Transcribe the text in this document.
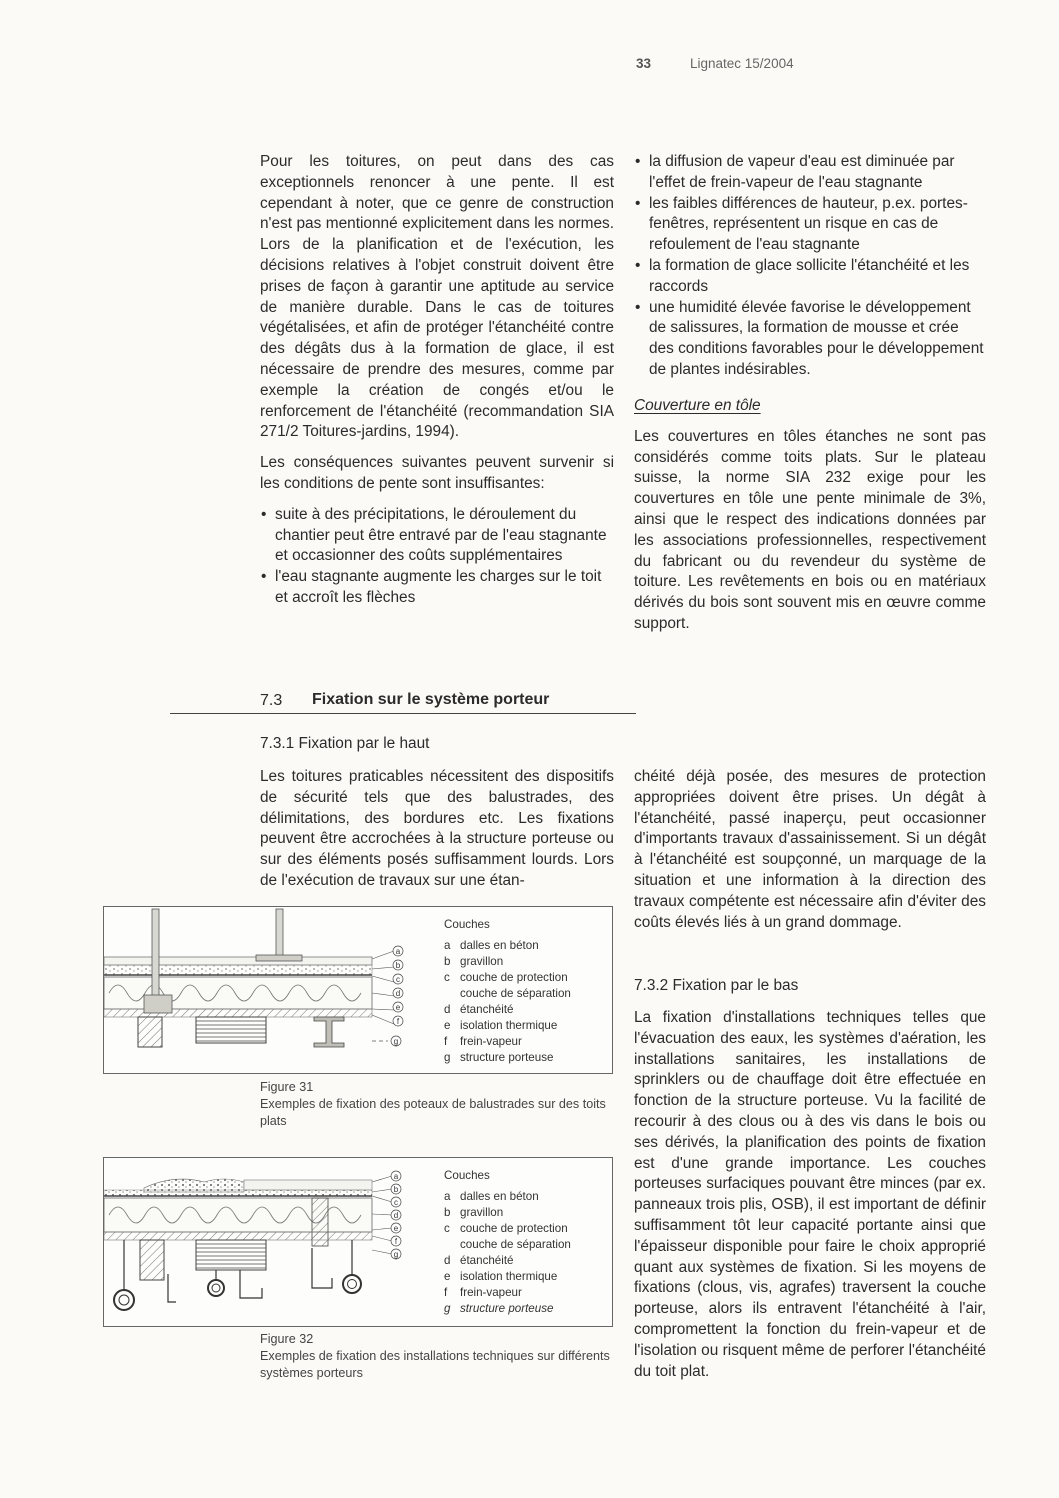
33	Lignatec 15/2004

Pour les toitures, on peut dans des cas exceptionnels renoncer à une pente. Il est cependant à noter, que ce genre de construction n'est pas mentionné explicitement dans les normes. Lors de la planification et de l'exécution, les décisions relatives à l'objet construit doivent être prises de façon à garantir une aptitude au service de manière durable. Dans le cas de toitures végétalisées, et afin de protéger l'étanchéité contre des dégâts dus à la formation de glace, il est nécessaire de prendre des mesures, comme par exemple la création de congés et/ou le renforcement de l'étanchéité (recommandation SIA 271/2 Toitures-jardins, 1994).

Les conséquences suivantes peuvent survenir si les conditions de pente sont insuffisantes:

• suite à des précipitations, le déroulement du chantier peut être entravé par de l'eau stagnante et occasionner des coûts supplémentaires
• l'eau stagnante augmente les charges sur le toit et accroît les flèches
• la diffusion de vapeur d'eau est diminuée par l'effet de frein-vapeur de l'eau stagnante
• les faibles différences de hauteur, p.ex. portes-fenêtres, représentent un risque en cas de refoulement de l'eau stagnante
• la formation de glace sollicite l'étanchéité et les raccords
• une humidité élevée favorise le développement de salissures, la formation de mousse et crée des conditions favorables pour le développement de plantes indésirables.
Couverture en tôle

Les couvertures en tôles étanches ne sont pas considérés comme toits plats. Sur le plateau suisse, la norme SIA 232 exige pour les couvertures en tôle une pente minimale de 3%, ainsi que le respect des indications données par les associations professionnelles, respectivement du fabricant ou du revendeur du système de toiture. Les revêtements en bois ou en matériaux dérivés du bois sont souvent mis en œuvre comme support.

7.3 Fixation sur le système porteur
7.3.1 Fixation par le haut

Les toitures praticables nécessitent des dispositifs de sécurité tels que des balustrades, des délimitations, des bordures etc. Les fixations peuvent être accrochées à la structure porteuse ou sur des éléments posés suffisamment lourds. Lors de l'exécution de travaux sur une étan-

chéité déjà posée, des mesures de protection appropriées doivent être prises. Un dégât à l'étanchéité, passé inaperçu, peut occasionner d'importants travaux d'assainissement. Si un dégât à l'étanchéité est soupçonné, un marquage de la situation et une information à la direction des travaux compétente est nécessaire afin d'éviter des coûts élevés liés à un grand dommage.

7.3.2 Fixation par le bas

La fixation d'installations techniques telles que l'évacuation des eaux, les systèmes d'aération, les installations sanitaires, les installations de sprinklers ou de chauffage doit être effectuée en fonction de la structure porteuse. Vu la facilité de recourir à des clous ou à des vis dans le bois ou ses dérivés, la planification des points de fixation est d'une grande importance. Les couches porteuses surfaciques pouvant être minces (par ex. panneaux trois plis, OSB), il est important de définir suffisamment tôt leur capacité portante ainsi que l'épaisseur disponible pour faire le choix approprié quant aux systèmes de fixation. Si les moyens de fixations (clous, vis, agrafes) traversent la couche porteuse, alors ils entravent l'étanchéité à l'air, compromettent la fonction du frein-vapeur et de l'isolation ou risquent même de perforer l'étanchéité du toit plat.

a
b
c
d
e
f
g
Couches
a dalles en béton
b gravillon
c couche de protection
couche de séparation
d étanchéité
e isolation thermique
f	frein-vapeur
g structure porteuse
Figure 31
Exemples de fixation des poteaux de balustrades sur des toits plats
a
b
c
d
e
f
g
Couches
a dalles en béton
b gravillon
c couche de protection
couche de séparation
d étanchéité
e isolation thermique
f	frein-vapeur
g structure porteuse
Figure 32
Exemples de fixation des installations techniques sur différents systèmes porteurs
